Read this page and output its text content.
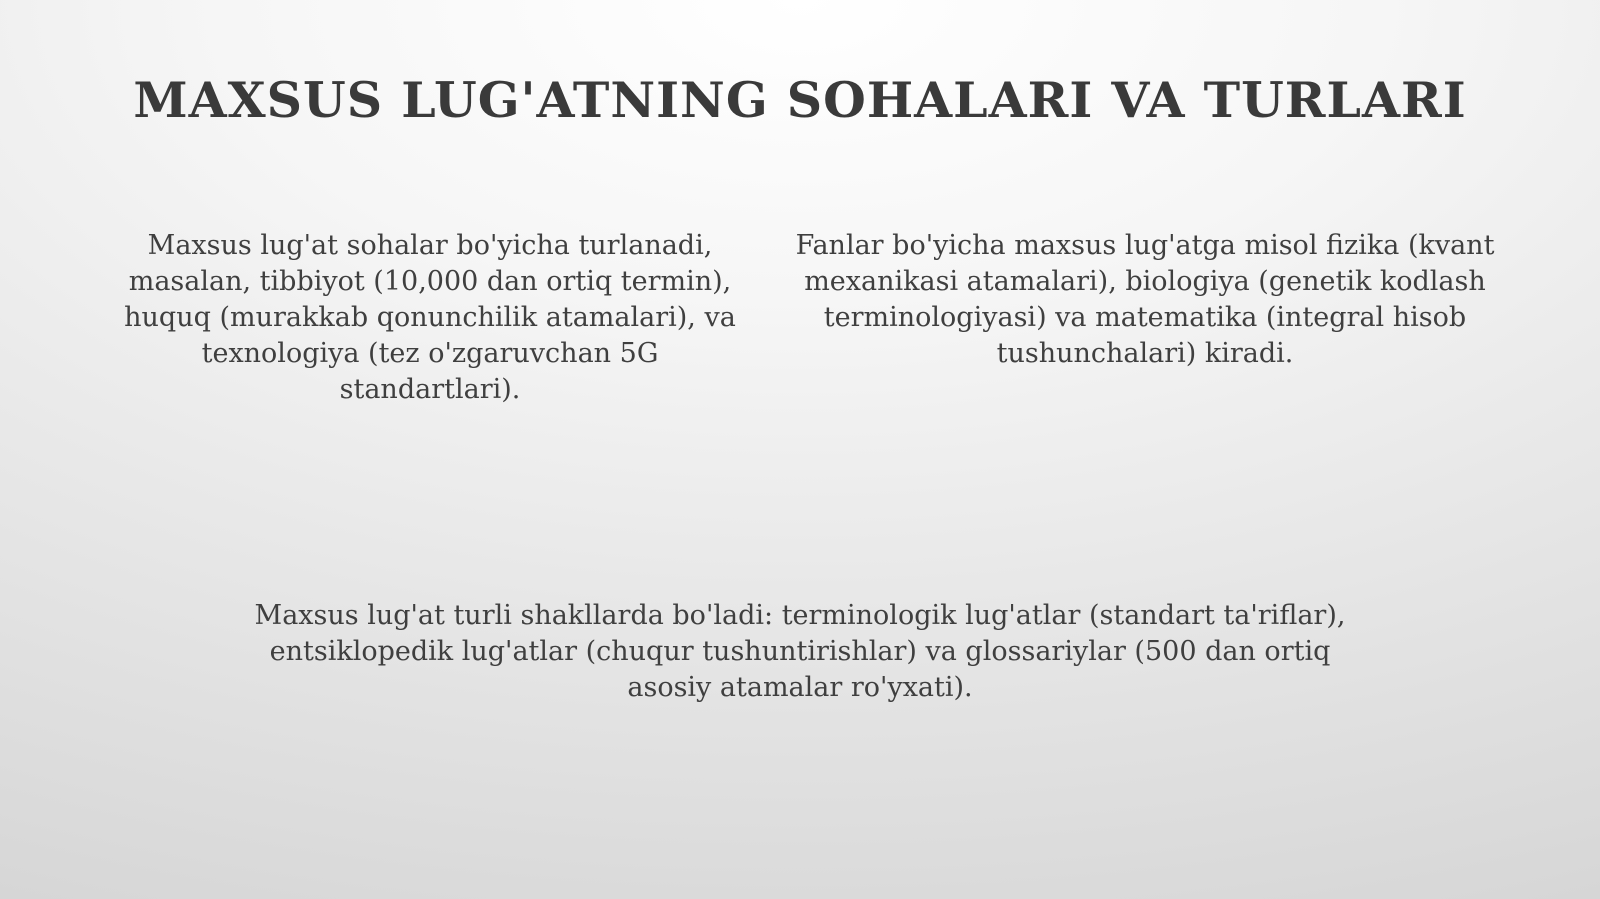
MAXSUS LUG'ATNING SOHALARI VA TURLARI

Maxsus lug'at sohalar bo'yicha turlanadi, masalan, tibbiyot (10,000 dan ortiq termin), huquq (murakkab qonunchilik atamalari), va texnologiya (tez o'zgaruvchan 5G standartlari).

Fanlar bo'yicha maxsus lug'atga misol fizika (kvant mexanikasi atamalari), biologiya (genetik kodlash terminologiyasi) va matematika (integral hisob tushunchalari) kiradi.

Maxsus lug'at turli shakllarda bo'ladi: terminologik lug'atlar (standart ta'riflar), entsiklopedik lug'atlar (chuqur tushuntirishlar) va glossariylar (500 dan ortiq asosiy atamalar ro'yxati).
